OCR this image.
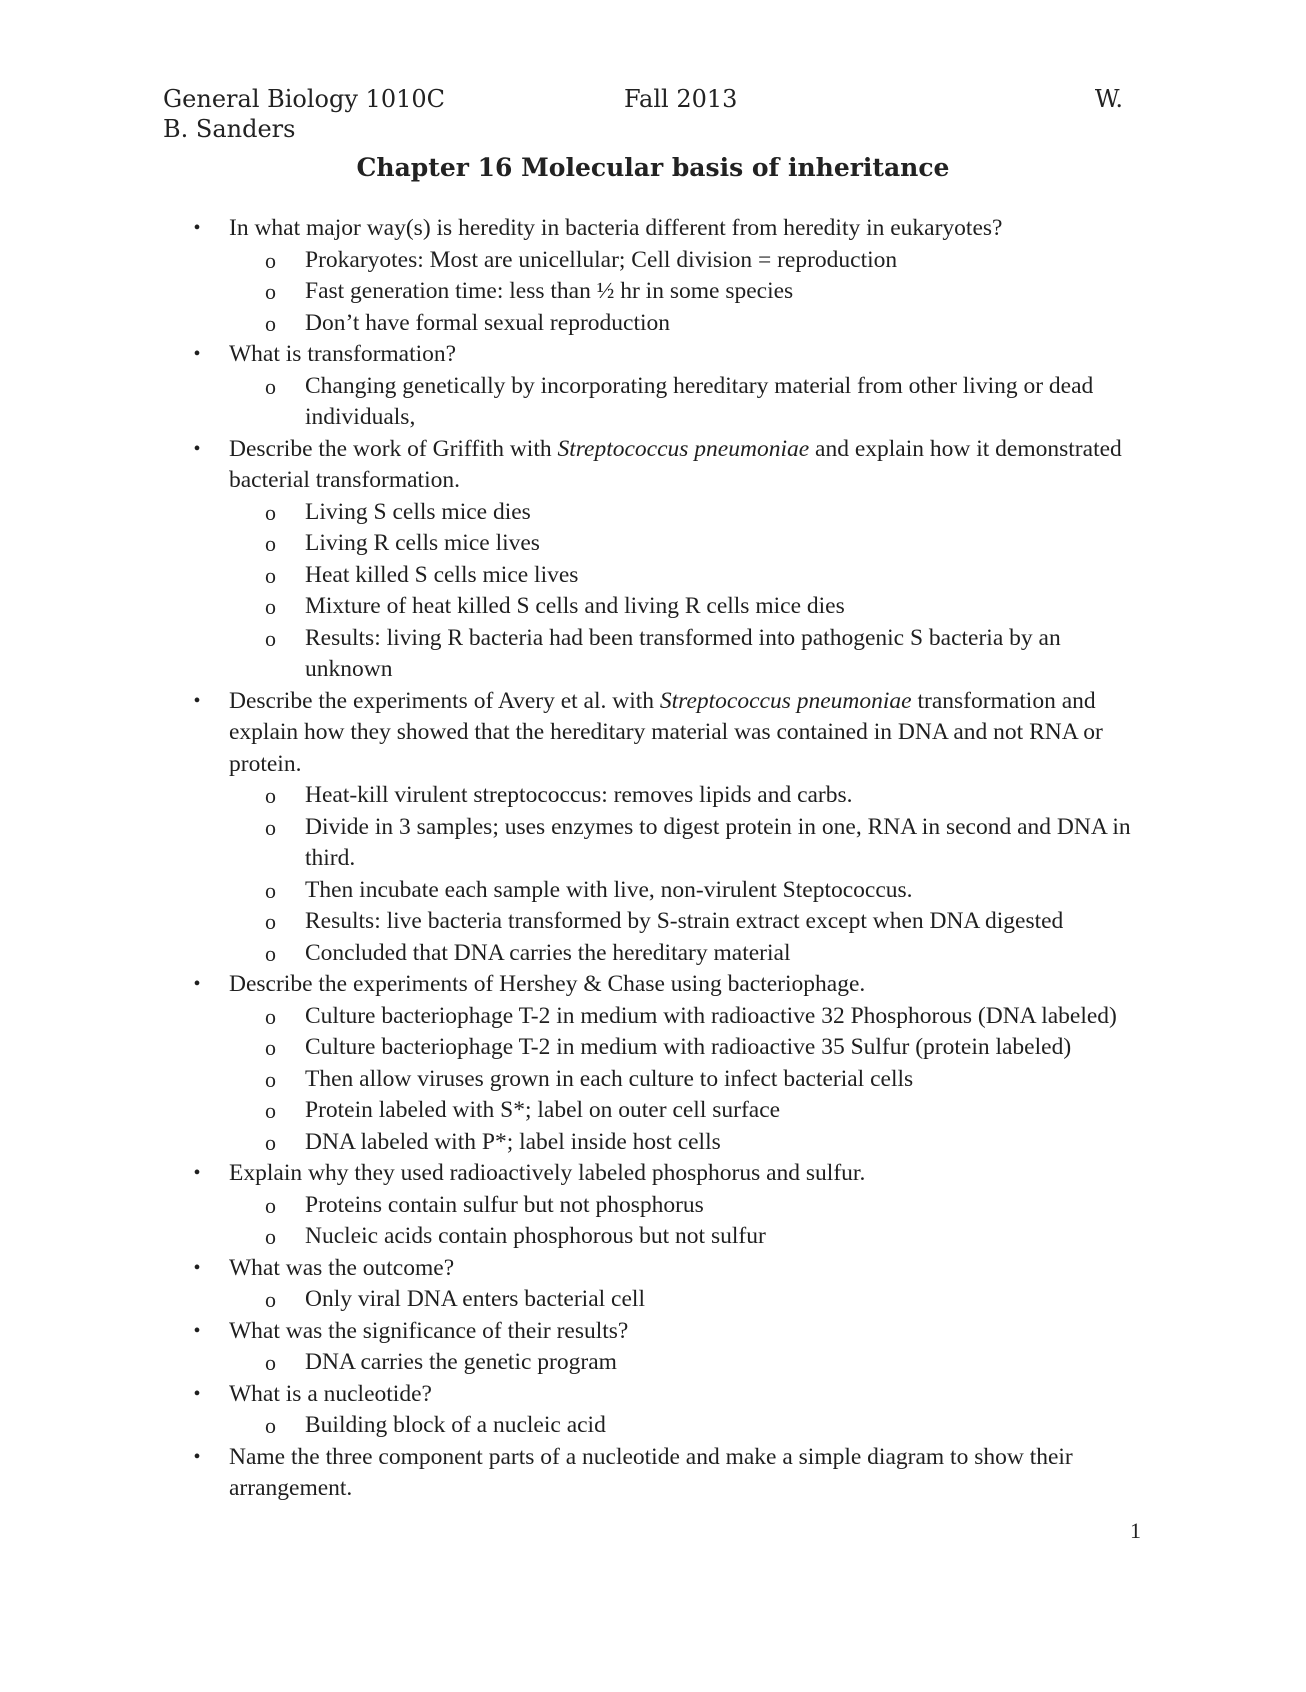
General Biology 1010C	Fall 2013	W.
B. Sanders
Chapter 16 Molecular basis of inheritance
• In what major way(s) is heredity in bacteria different from heredity in eukaryotes?
o Prokaryotes: Most are unicellular; Cell division = reproduction
o Fast generation time: less than ½ hr in some species
o Don’t have formal sexual reproduction
• What is transformation?
o Changing genetically by incorporating hereditary material from other living or dead individuals,
• Describe the work of Griffith with Streptococcus pneumoniae and explain how it demonstrated bacterial transformation.
o Living S cells mice dies
o Living R cells mice lives
o Heat killed S cells mice lives
o Mixture of heat killed S cells and living R cells mice dies
o Results: living R bacteria had been transformed into pathogenic S bacteria by an unknown
• Describe the experiments of Avery et al. with Streptococcus pneumoniae transformation and explain how they showed that the hereditary material was contained in DNA and not RNA or protein.
o Heat-kill virulent streptococcus: removes lipids and carbs.
o Divide in 3 samples; uses enzymes to digest protein in one, RNA in second and DNA in third.
o Then incubate each sample with live, non-virulent Steptococcus.
o Results: live bacteria transformed by S-strain extract except when DNA digested
o Concluded that DNA carries the hereditary material
• Describe the experiments of Hershey & Chase using bacteriophage.
o Culture bacteriophage T-2 in medium with radioactive 32 Phosphorous (DNA labeled)
o Culture bacteriophage T-2 in medium with radioactive 35 Sulfur (protein labeled)
o Then allow viruses grown in each culture to infect bacterial cells
o Protein labeled with S*; label on outer cell surface
o DNA labeled with P*; label inside host cells
• Explain why they used radioactively labeled phosphorus and sulfur.
o Proteins contain sulfur but not phosphorus
o Nucleic acids contain phosphorous but not sulfur
• What was the outcome?
o Only viral DNA enters bacterial cell
• What was the significance of their results?
o DNA carries the genetic program
• What is a nucleotide?
o Building block of a nucleic acid
• Name the three component parts of a nucleotide and make a simple diagram to show their arrangement.
1
